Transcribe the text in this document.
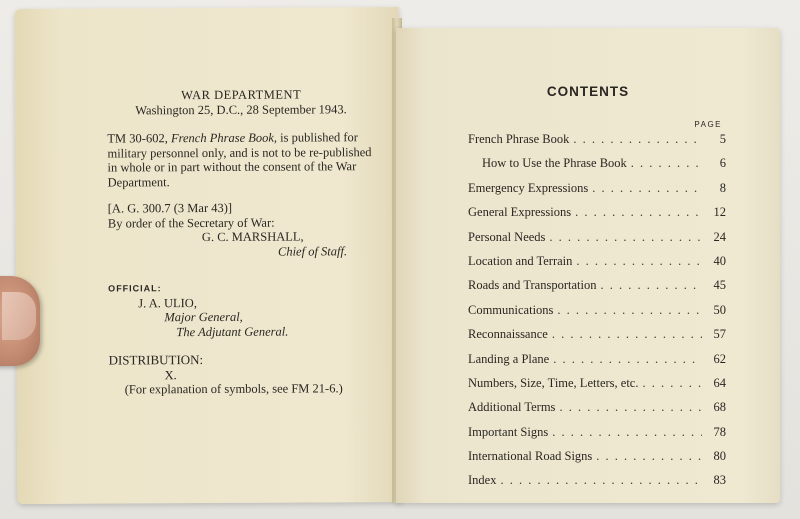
WAR DEPARTMENT
Washington 25, D.C., 28 September 1943.
TM 30-602, French Phrase Book, is published for military personnel only, and is not to be re-published in whole or in part without the consent of the War Department.
[A. G. 300.7 (3 Mar 43)]
By order of the Secretary of War:
G. C. MARSHALL,
Chief of Staff.
OFFICIAL:
J. A. ULIO,
Major General,
The Adjutant General.
DISTRIBUTION:
X.
(For explanation of symbols, see FM 21-6.)
CONTENTS
PAGE
French Phrase Book . . .	5
How to Use the Phrase Book . . .	6
Emergency Expressions . . .	8
General Expressions . . .	12
Personal Needs . . .	24
Location and Terrain . . .	40
Roads and Transportation . . .	45
Communications . . .	50
Reconnaissance . . .	57
Landing a Plane . . .	62
Numbers, Size, Time, Letters, etc. . . .	64
Additional Terms . . .	68
Important Signs . . .	78
International Road Signs . . .	80
Index . . .	83
